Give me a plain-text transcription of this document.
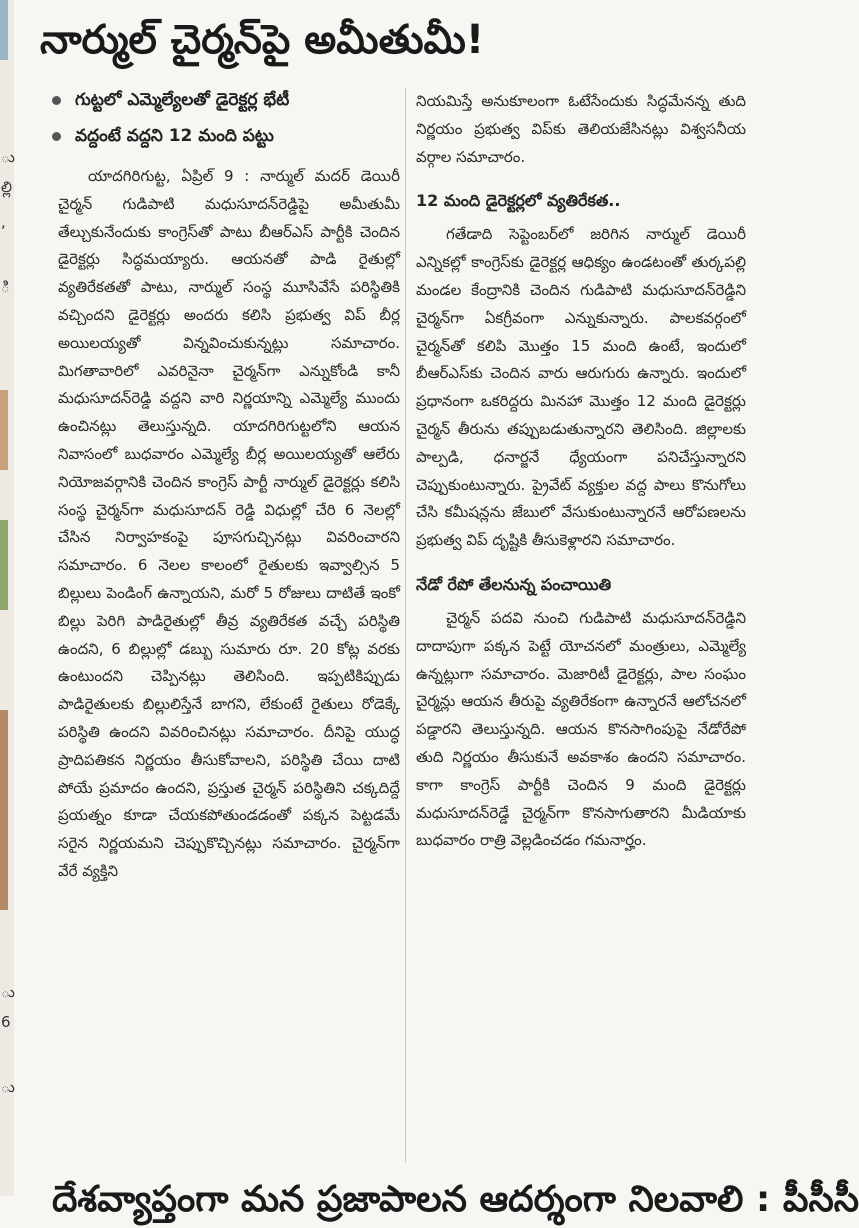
ు
ల్లి
,
ి
ు
6
ు
నార్ముల్ చైర్మన్‌పై అమీతుమీ!
గుట్టలో ఎమ్మెల్యేలతో డైరెక్టర్ల భేటీ
వద్దంటే వద్దని 12 మంది పట్టు

యాదగిరిగుట్ట, ఏప్రిల్ 9 : నార్ముల్ మదర్ డెయిరీ చైర్మన్ గుడిపాటి మధుసూదన్‌రెడ్డిపై అమీతుమీ తేల్చుకునేందుకు కాంగ్రెస్‌తో పాటు బీఆర్ఎస్ పార్టీకి చెందిన డైరెక్టర్లు సిద్ధమయ్యారు. ఆయనతో పాడి రైతుల్లో వ్యతిరేకతతో పాటు, నార్ముల్ సంస్థ మూసివేసే పరిస్థితికి వచ్చిందని డైరెక్టర్లు అందరు కలిసి ప్రభుత్వ విప్ బీర్ల అయిలయ్యతో విన్నవించుకున్నట్లు సమాచారం. మిగతావారిలో ఎవరినైనా చైర్మన్‌గా ఎన్నుకోండి కానీ మధుసూదన్‌రెడ్డి వద్దని వారి నిర్ణయాన్ని ఎమ్మెల్యే ముందు ఉంచినట్లు తెలుస్తున్నది. యాదగిరిగుట్టలోని ఆయన నివాసంలో బుధవారం ఎమ్మెల్యే బీర్ల అయిలయ్యతో ఆలేరు నియోజవర్గానికి చెందిన కాంగ్రెస్ పార్టీ నార్ముల్ డైరెక్టర్లు కలిసి సంస్థ చైర్మన్‌గా మధుసూదన్ రెడ్డి విధుల్లో చేరి 6 నెలల్లో చేసిన నిర్వాహకంపై పూసగుచ్చినట్లు వివరించారని సమాచారం. 6 నెలల కాలంలో రైతులకు ఇవ్వాల్సిన 5 బిల్లులు పెండింగ్ ఉన్నాయని, మరో 5 రోజులు దాటితే ఇంకో బిల్లు పెరిగి పాడిరైతుల్లో తీవ్ర వ్యతిరేకత వచ్చే పరిస్థితి ఉందని, 6 బిల్లుల్లో డబ్బు సుమారు రూ. 20 కోట్ల వరకు ఉంటుందని చెప్పినట్లు తెలిసింది. ఇప్పటికిప్పుడు పాడిరైతులకు బిల్లులిస్తేనే బాగని, లేకుంటే రైతులు రోడెక్కే పరిస్థితి ఉందని వివరించినట్లు సమాచారం. దీనిపై యుద్ధ ప్రాదిపతికన నిర్ణయం తీసుకోవాలని, పరిస్థితి చేయి దాటి పోయే ప్రమాదం ఉందని, ప్రస్తుత చైర్మన్ పరిస్థితిని చక్కదిద్దే ప్రయత్నం కూడా చేయకపోతుండడంతో పక్కన పెట్టడమే సరైన నిర్ణయమని చెప్పుకొచ్చినట్లు సమాచారం. చైర్మన్‌గా వేరే వ్యక్తిని

నియమిస్తే అనుకూలంగా ఓటేసేందుకు సిద్ధమేనన్న తుది నిర్ణయం ప్రభుత్వ విప్‌కు తెలియజేసినట్లు విశ్వసనీయ వర్గాల సమాచారం.

12 మంది డైరెక్టర్లలో వ్యతిరేకత..

గతేడాది సెప్టెంబర్‌లో జరిగిన నార్ముల్ డెయిరీ ఎన్నికల్లో కాంగ్రెస్‌కు డైరెక్టర్ల ఆధిక్యం ఉండటంతో తుర్కపల్లి మండల కేంద్రానికి చెందిన గుడిపాటి మధుసూదన్‌రెడ్డిని చైర్మన్‌గా ఏకగ్రీవంగా ఎన్నుకున్నారు. పాలకవర్గంలో చైర్మన్‌తో కలిపి మొత్తం 15 మంది ఉంటే, ఇందులో బీఆర్ఎస్‌కు చెందిన వారు ఆరుగురు ఉన్నారు. ఇందులో ప్రధానంగా ఒకరిద్దరు మినహా మొత్తం 12 మంది డైరెక్టర్లు చైర్మన్ తీరును తప్పుబడుతున్నారని తెలిసింది. జిల్లాలకు పాల్పడి, ధనార్జనే ధ్యేయంగా పనిచేస్తున్నారని చెప్పుకుంటున్నారు. ప్రైవేట్ వ్యక్తుల వద్ద పాలు కొనుగోలు చేసి కమీషన్లను జేబులో వేసుకుంటున్నారనే ఆరోపణలను ప్రభుత్వ విప్ దృష్టికి తీసుకెళ్లారని సమాచారం.

నేడో రేపో తేలనున్న పంచాయితి

చైర్మన్ పదవి నుంచి గుడిపాటి మధుసూదన్‌రెడ్డిని దాదాపుగా పక్కన పెట్టే యోచనలో మంత్రులు, ఎమ్మెల్యే ఉన్నట్లుగా సమాచారం. మెజారిటీ డైరెక్టర్లు, పాల సంఘం చైర్మన్లు ఆయన తీరుపై వ్యతిరేకంగా ఉన్నారనే ఆలోచనలో పడ్డారని తెలుస్తున్నది. ఆయన కొనసాగింపుపై నేడోరేపో తుది నిర్ణయం తీసుకునే అవకాశం ఉందని సమాచారం. కాగా కాంగ్రెస్ పార్టీకి చెందిన 9 మంది డైరెక్టర్లు మధుసూదన్‌రెడ్డే చైర్మన్‌గా కొనసాగుతారని మీడియాకు బుధవారం రాత్రి వెల్లడించడం గమనార్హం.

దేశవ్యాప్తంగా మన ప్రజాపాలన ఆదర్శంగా నిలవాలి : పీసీసీ
